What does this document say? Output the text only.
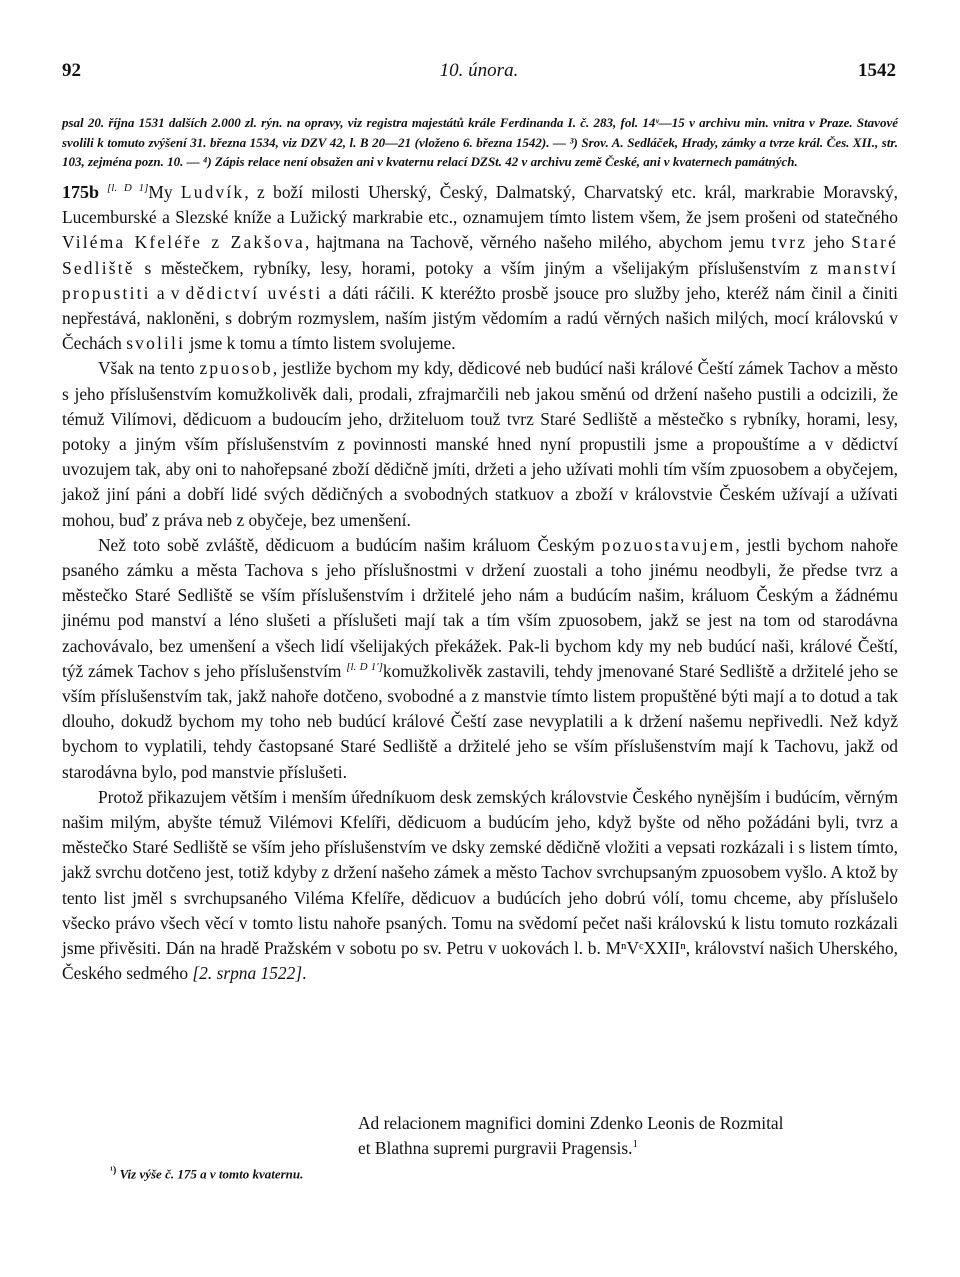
92	10. února.	1542

psal 20. října 1531 dalších 2.000 zl. rýn. na opravy, viz registra majestátů krále Ferdinanda I. č. 283, fol. 14ᵛ—15 v archivu min. vnitra v Praze. Stavové svolili k tomuto zvýšení 31. března 1534, viz DZV 42, l. B 20—21 (vloženo 6. března 1542). — ³) Srov. A. Sedláček, Hrady, zámky a tvrze král. Čes. XII., str. 103, zejména pozn. 10. — ⁴) Zápis relace není obsažen ani v kvaternu relací DZSt. 42 v archivu země České, ani v kvaternech památných.

175b [l. D 1]My Ludvík, z boží milosti Uherský, Český, Dalmatský, Charvatský etc. král, markrabie Moravský, Lucemburské a Slezské kníže a Lužický markrabie etc., oznamujem tímto listem všem, že jsem prošeni od statečného Viléma Kfeléře z Zakšova, hajtmana na Tachově, věrného našeho milého, abychom jemu tvrz jeho Staré Sedliště s městečkem, rybníky, lesy, horami, potoky a vším jiným a všelijakým příslušenstvím z manství propustiti a v dědictví uvésti a dáti ráčili. K kteréžto prosbě jsouce pro služby jeho, kteréž nám činil a činiti nepřestává, nakloněni, s dobrým rozmyslem, naším jistým vědomím a radú věrných našich milých, mocí královskú v Čechách svolili jsme k tomu a tímto listem svolujeme.

Však na tento zpuosob, jestliže bychom my kdy, dědicové neb budúcí naši králové Čeští zámek Tachov a město s jeho příslušenstvím komužkolivěk dali, prodali, zfrajmarčili neb jakou směnú od držení našeho pustili a odcizili, že témuž Vilímovi, dědicuom a budoucím jeho, držiteluom touž tvrz Staré Sedliště a městečko s rybníky, horami, lesy, potoky a jiným vším příslušenstvím z povinnosti manské hned nyní propustili jsme a propouštíme a v dědictví uvozujem tak, aby oni to nahořepsané zboží dědičně jmíti, držeti a jeho užívati mohli tím vším zpuosobem a obyčejem, jakož jiní páni a dobří lidé svých dědičných a svobodných statkuov a zboží v královstvie Českém užívají a užívati mohou, buď z práva neb z obyčeje, bez umenšení.

Než toto sobě zvláště, dědicuom a budúcím našim králuom Českým pozuostavujem, jestli bychom nahoře psaného zámku a města Tachova s jeho příslušnostmi v držení zuostali a toho jinému neodbyli, že předse tvrz a městečko Staré Sedliště se vším příslušenstvím i držitelé jeho nám a budúcím našim, králuom Českým a žádnému jinému pod manství a léno slušeti a příslušeti mají tak a tím vším zpuosobem, jakž se jest na tom od starodávna zachovávalo, bez umenšení a všech lidí všelijakých překážek. Pak-li bychom kdy my neb budúcí naši, králové Čeští, týž zámek Tachov s jeho příslušenstvím [l. D 1']komužkolivěk zastavili, tehdy jmenované Staré Sedliště a držitelé jeho se vším příslušenstvím tak, jakž nahoře dotčeno, svobodné a z manstvie tímto listem propuštěné býti mají a to dotud a tak dlouho, dokudž bychom my toho neb budúcí králové Čeští zase nevyplatili a k držení našemu nepřivedli. Než když bychom to vyplatili, tehdy častopsané Staré Sedliště a držitelé jeho se vším příslušenstvím mají k Tachovu, jakž od starodávna bylo, pod manstvie příslušeti.

Protož přikazujem větším i menším úředníkuom desk zemských královstvie Českého nynějším i budúcím, věrným našim milým, abyšte témuž Vilémovi Kfelíři, dědicuom a budúcím jeho, když byšte od něho požádáni byli, tvrz a městečko Staré Sedliště se vším jeho příslušenstvím ve dsky zemské dědičně vložiti a vepsati rozkázali i s listem tímto, jakž svrchu dotčeno jest, totiž kdyby z držení našeho zámek a město Tachov svrchupsaným zpuosobem vyšlo. A ktož by tento list jměl s svrchupsaného Viléma Kfelíře, dědicuov a budúcích jeho dobrú vólí, tomu chceme, aby příslušelo všecko právo všech věcí v tomto listu nahoře psaných. Tomu na svědomí pečet naši královskú k listu tomuto rozkázali jsme přivěsiti. Dán na hradě Pražském v sobotu po sv. Petru v uokovách l. b. MⁿVᶜXXIIⁿ, království našich Uherského, Českého sedmého [2. srpna 1522].

Ad relacionem magnifici domini Zdenko Leonis de Rozmital
et Blathna supremi purgravii Pragensis.$^1$

$^{^1)}$ Viz výše č. 175 a v tomto kvaternu.
